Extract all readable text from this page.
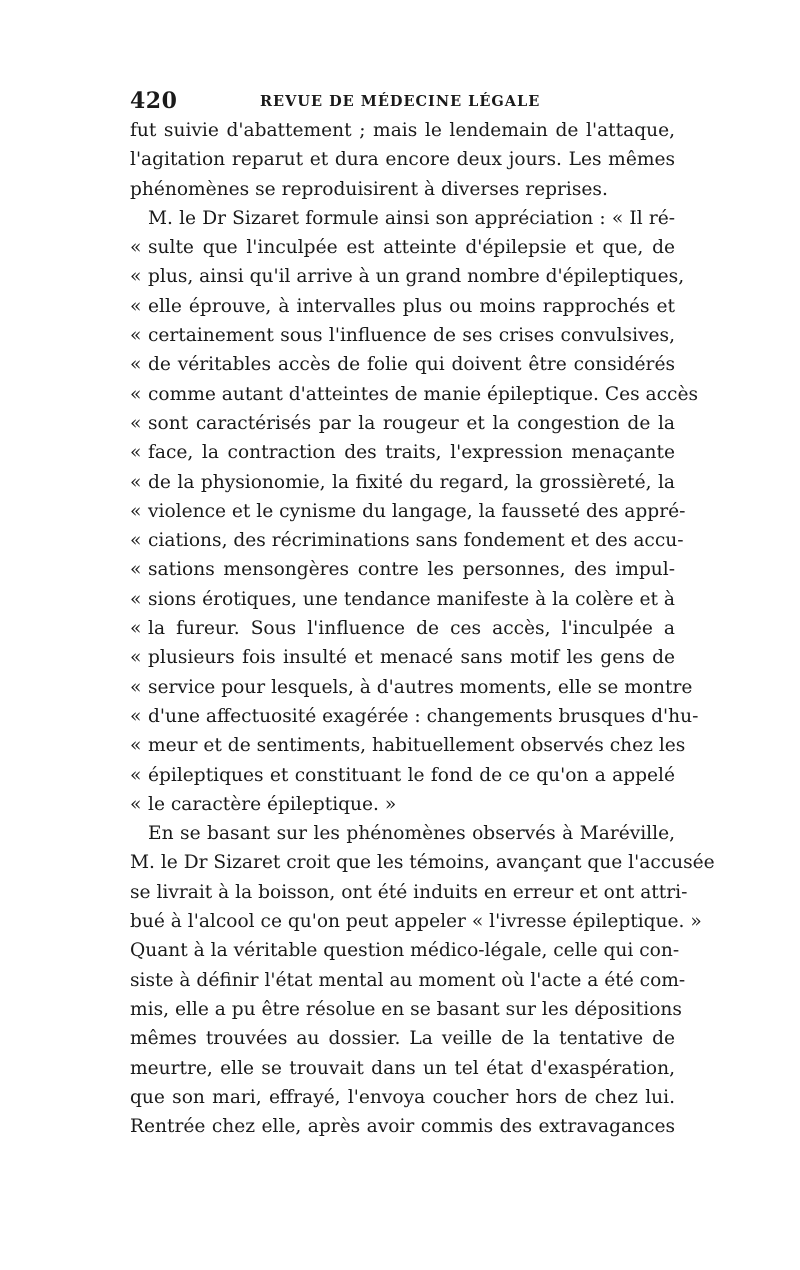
420	REVUE DE MÉDECINE LÉGALE
fut suivie d'abattement ; mais le lendemain de l'attaque,
l'agitation reparut et dura encore deux jours. Les mêmes
phénomènes se reproduisirent à diverses reprises.
M. le Dr Sizaret formule ainsi son appréciation : « Il ré-
« sulte que l'inculpée est atteinte d'épilepsie et que, de
« plus, ainsi qu'il arrive à un grand nombre d'épileptiques,
« elle éprouve, à intervalles plus ou moins rapprochés et
« certainement sous l'influence de ses crises convulsives,
« de véritables accès de folie qui doivent être considérés
« comme autant d'atteintes de manie épileptique. Ces accès
« sont caractérisés par la rougeur et la congestion de la
« face, la contraction des traits, l'expression menaçante
« de la physionomie, la fixité du regard, la grossièreté, la
« violence et le cynisme du langage, la fausseté des appré-
« ciations, des récriminations sans fondement et des accu-
« sations mensongères contre les personnes, des impul-
« sions érotiques, une tendance manifeste à la colère et à
« la fureur. Sous l'influence de ces accès, l'inculpée a
« plusieurs fois insulté et menacé sans motif les gens de
« service pour lesquels, à d'autres moments, elle se montre
« d'une affectuosité exagérée : changements brusques d'hu-
« meur et de sentiments, habituellement observés chez les
« épileptiques et constituant le fond de ce qu'on a appelé
« le caractère épileptique. »
En se basant sur les phénomènes observés à Maréville,
M. le Dr Sizaret croit que les témoins, avançant que l'accusée
se livrait à la boisson, ont été induits en erreur et ont attri-
bué à l'alcool ce qu'on peut appeler « l'ivresse épileptique. »
Quant à la véritable question médico-légale, celle qui con-
siste à définir l'état mental au moment où l'acte a été com-
mis, elle a pu être résolue en se basant sur les dépositions
mêmes trouvées au dossier. La veille de la tentative de
meurtre, elle se trouvait dans un tel état d'exaspération,
que son mari, effrayé, l'envoya coucher hors de chez lui.
Rentrée chez elle, après avoir commis des extravagances
